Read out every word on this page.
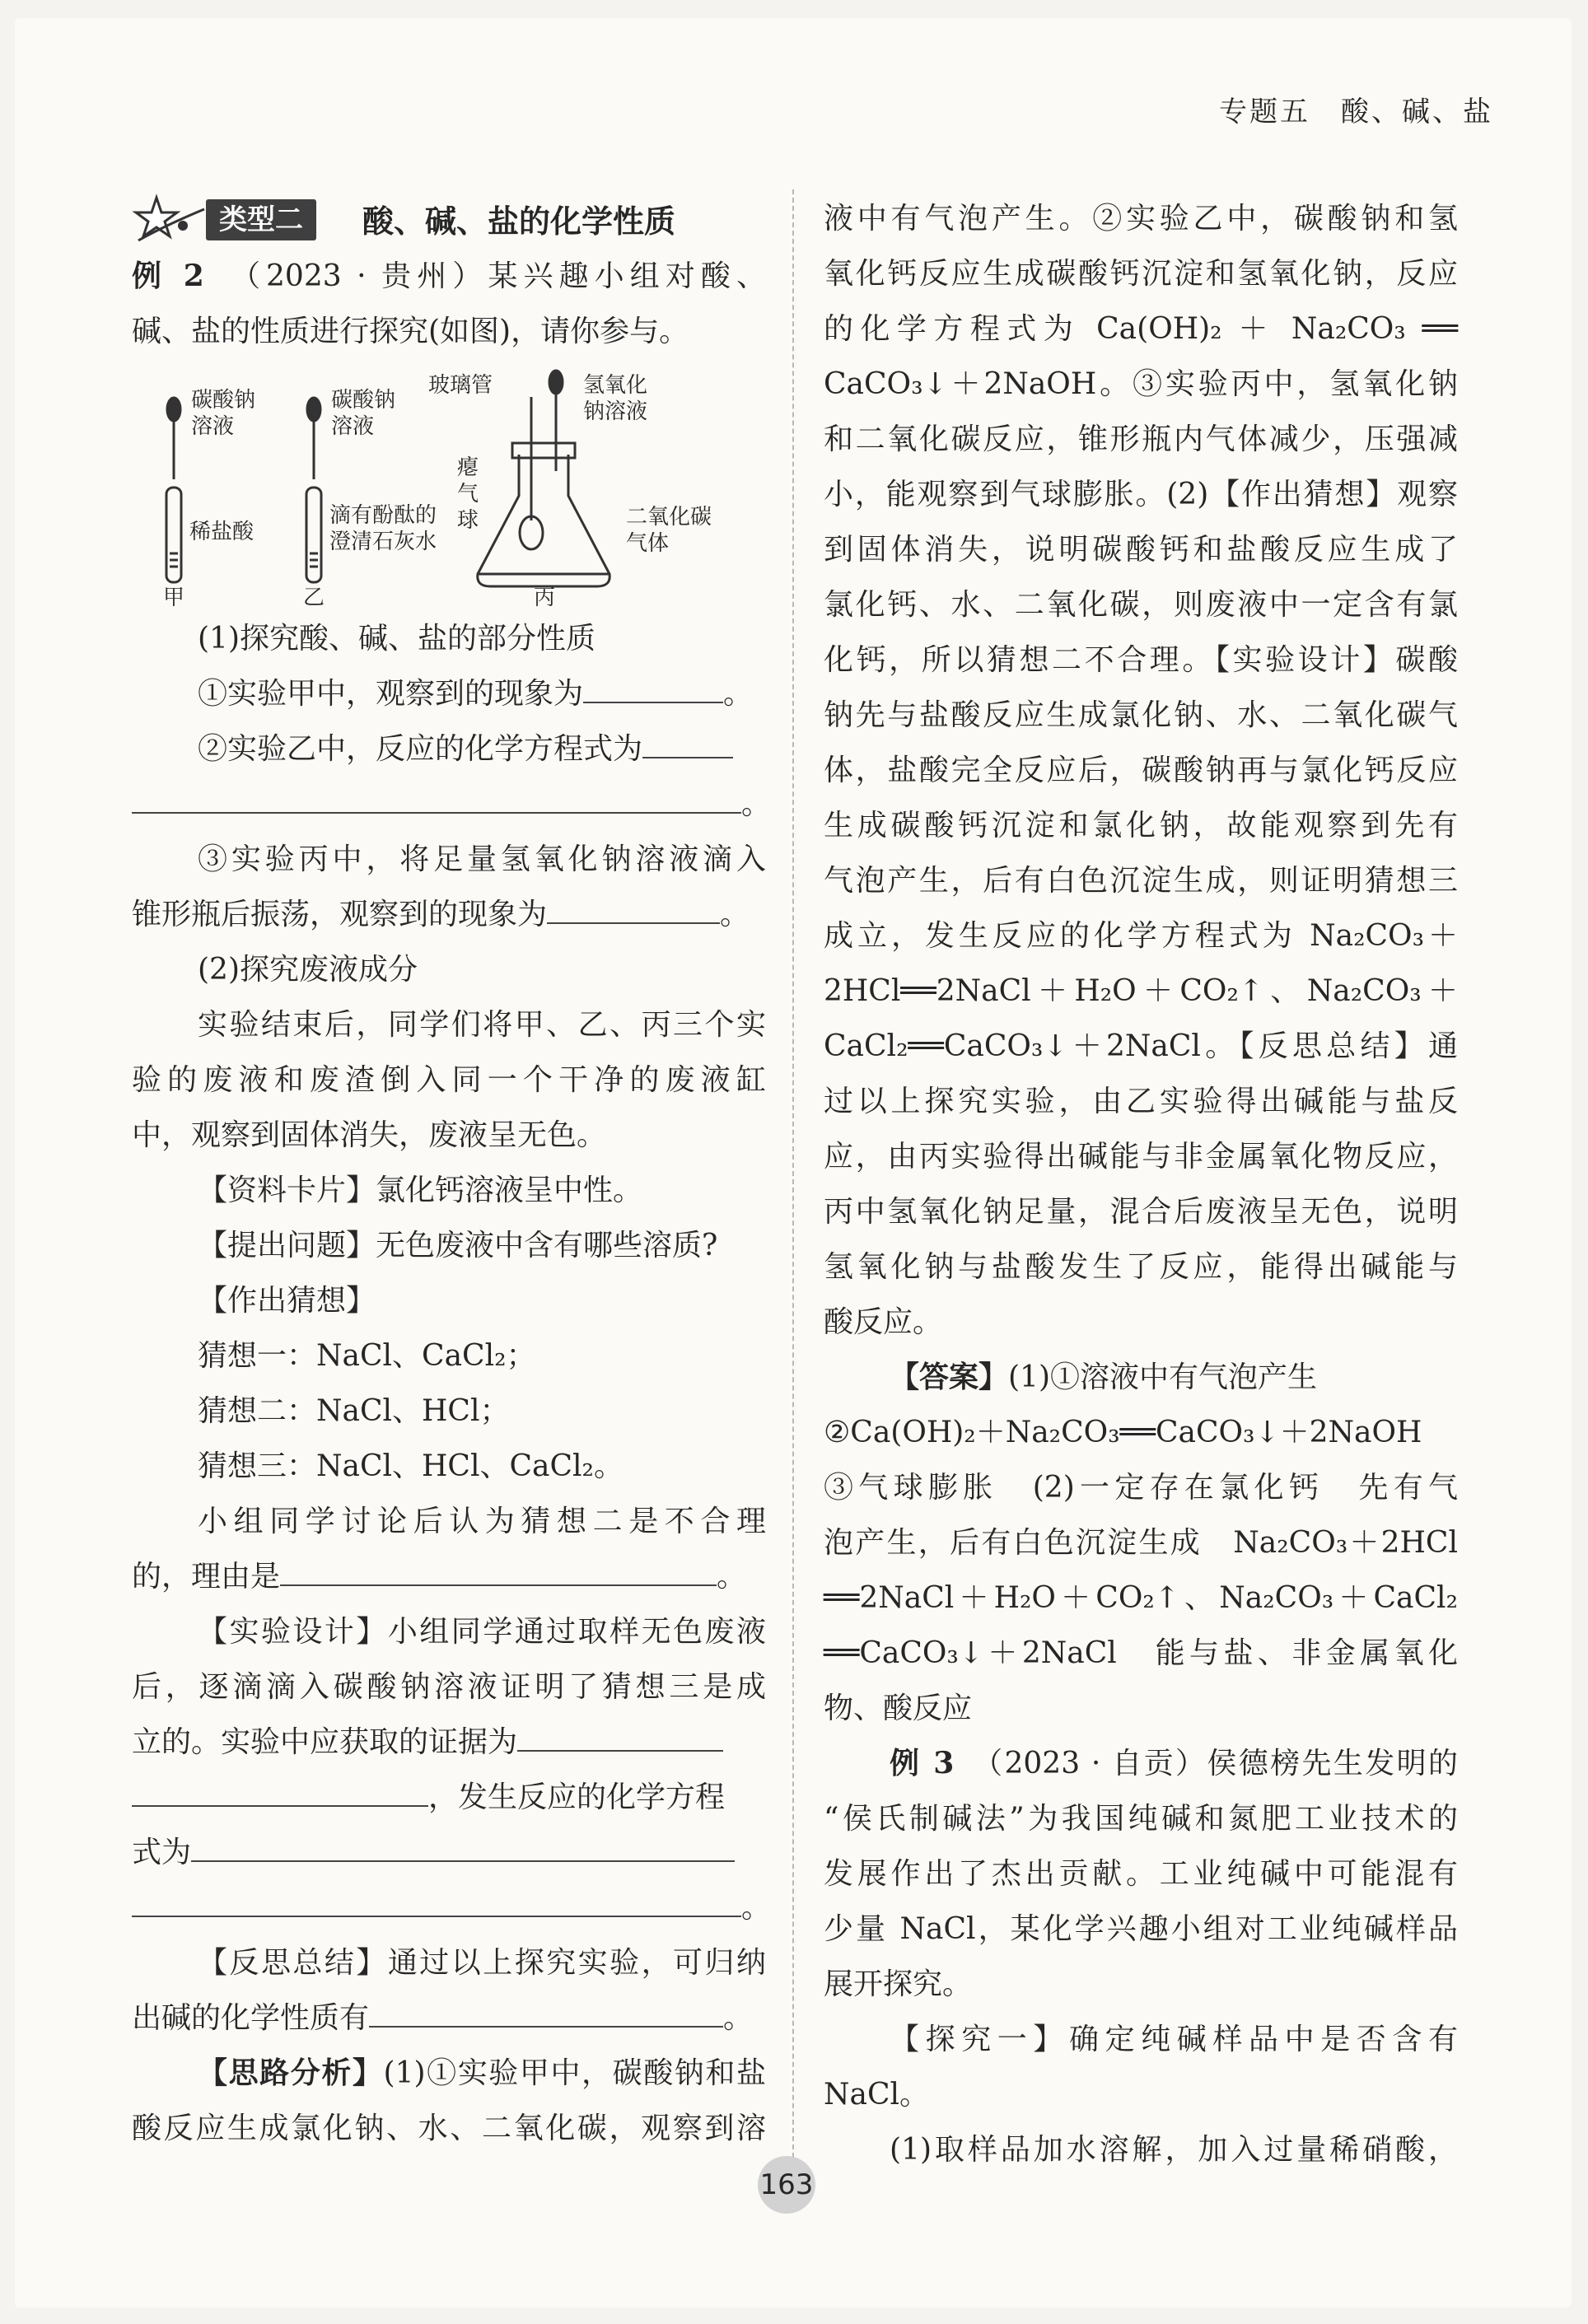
专题五　酸、碱、盐
类型二	酸、碱、盐的化学性质

例 2　 （2023 · 贵州）某兴趣小组对酸、

碱、盐的性质进行探究(如图)，请你参与。

碳酸钠
溶液
稀盐酸
甲
碳酸钠
溶液
滴有酚酞的
澄清石灰水
乙
玻璃管	氢氧化
钠溶液
瘪
气
球	二氧化碳
气体
丙

(1)探究酸、碱、盐的部分性质

①实验甲中，观察到的现象为	。

②实验乙中，反应的化学方程式为

。

③实验丙中，将足量氢氧化钠溶液滴入

锥形瓶后振荡，观察到的现象为	。

(2)探究废液成分

实验结束后，同学们将甲、乙、丙三个实

验的废液和废渣倒入同一个干净的废液缸

中，观察到固体消失，废液呈无色。

【资料卡片】氯化钙溶液呈中性。

【提出问题】无色废液中含有哪些溶质?

【作出猜想】

猜想一：NaCl、CaCl₂；

猜想二：NaCl、HCl；

猜想三：NaCl、HCl、CaCl₂。

小组同学讨论后认为猜想二是不合理

的，理由是	。

【实验设计】小组同学通过取样无色废液

后，逐滴滴入碳酸钠溶液证明了猜想三是成

立的。实验中应获取的证据为

，发生反应的化学方程

式为

。

【反思总结】通过以上探究实验，可归纳

出碱的化学性质有	。

【思路分析】(1)①实验甲中，碳酸钠和盐

酸反应生成氯化钠、水、二氧化碳，观察到溶

液中有气泡产生。②实验乙中，碳酸钠和氢

氧化钙反应生成碳酸钙沉淀和氢氧化钠，反应

的化学方程式为 Ca(OH)₂ ＋ Na₂CO₃ ══

CaCO₃↓＋2NaOH。③实验丙中，氢氧化钠

和二氧化碳反应，锥形瓶内气体减少，压强减

小，能观察到气球膨胀。(2)【作出猜想】观察

到固体消失，说明碳酸钙和盐酸反应生成了

氯化钙、水、二氧化碳，则废液中一定含有氯

化钙，所以猜想二不合理。【实验设计】碳酸

钠先与盐酸反应生成氯化钠、水、二氧化碳气

体，盐酸完全反应后，碳酸钠再与氯化钙反应

生成碳酸钙沉淀和氯化钠，故能观察到先有

气泡产生，后有白色沉淀生成，则证明猜想三

成立，发生反应的化学方程式为 Na₂CO₃＋

2HCl══2NaCl＋H₂O＋CO₂↑、Na₂CO₃＋

CaCl₂══CaCO₃↓＋2NaCl。【反思总结】通

过以上探究实验，由乙实验得出碱能与盐反

应，由丙实验得出碱能与非金属氧化物反应，

丙中氢氧化钠足量，混合后废液呈无色，说明

氢氧化钠与盐酸发生了反应，能得出碱能与

酸反应。

【答案】(1)①溶液中有气泡产生

②Ca(OH)₂＋Na₂CO₃══CaCO₃↓＋2NaOH

③气球膨胀　(2)一定存在氯化钙　先有气

泡产生，后有白色沉淀生成　Na₂CO₃＋2HCl

══2NaCl＋H₂O＋CO₂↑、Na₂CO₃＋CaCl₂

══CaCO₃↓＋2NaCl　能与盐、非金属氧化

物、酸反应

例 3　 （2023 · 自贡）侯德榜先生发明的

“侯氏制碱法”为我国纯碱和氮肥工业技术的

发展作出了杰出贡献。工业纯碱中可能混有

少量 NaCl，某化学兴趣小组对工业纯碱样品

展开探究。

【探究一】确定纯碱样品中是否含有

NaCl。

(1)取样品加水溶解，加入过量稀硝酸，

163
